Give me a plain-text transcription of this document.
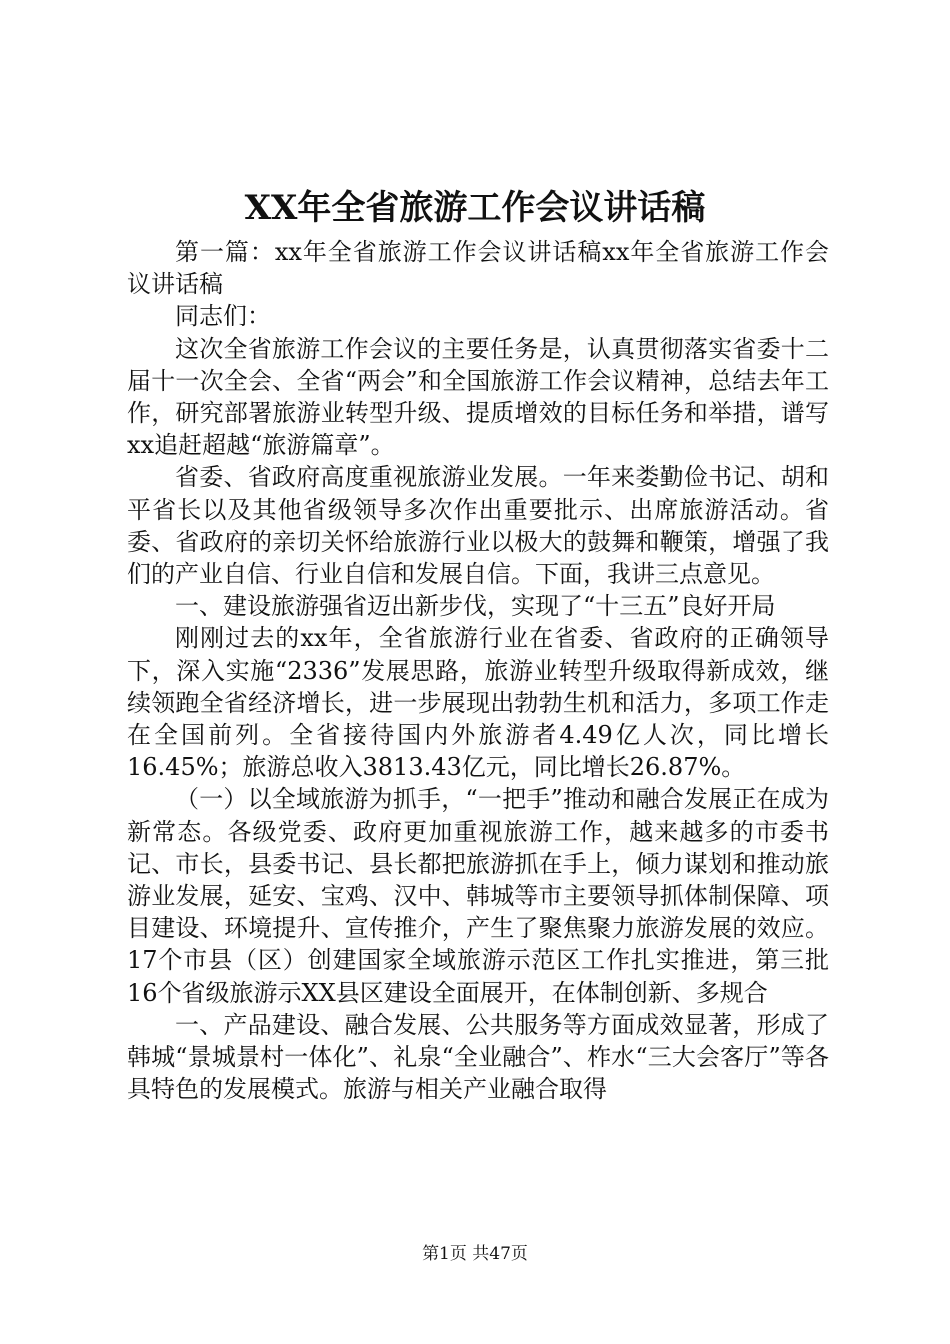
XX年全省旅游工作会议讲话稿

第一篇：xx年全省旅游工作会议讲话稿xx年全省旅游工作会议讲话稿

同志们：

这次全省旅游工作会议的主要任务是，认真贯彻落实省委十二届十一次全会、全省“两会”和全国旅游工作会议精神，总结去年工作，研究部署旅游业转型升级、提质增效的目标任务和举措，谱写xx追赶超越“旅游篇章”。

省委、省政府高度重视旅游业发展。一年来娄勤俭书记、胡和平省长以及其他省级领导多次作出重要批示、出席旅游活动。省委、省政府的亲切关怀给旅游行业以极大的鼓舞和鞭策，增强了我们的产业自信、行业自信和发展自信。下面，我讲三点意见。

一、建设旅游强省迈出新步伐，实现了“十三五”良好开局

刚刚过去的xx年，全省旅游行业在省委、省政府的正确领导下，深入实施“2336”发展思路，旅游业转型升级取得新成效，继续领跑全省经济增长，进一步展现出勃勃生机和活力，多项工作走在全国前列。全省接待国内外旅游者4.49亿人次，同比增长16.45%；旅游总收入3813.43亿元，同比增长26.87%。

（一）以全域旅游为抓手，“一把手”推动和融合发展正在成为新常态。各级党委、政府更加重视旅游工作，越来越多的市委书记、市长，县委书记、县长都把旅游抓在手上，倾力谋划和推动旅游业发展，延安、宝鸡、汉中、韩城等市主要领导抓体制保障、项目建设、环境提升、宣传推介，产生了聚焦聚力旅游发展的效应。17个市县（区）创建国家全域旅游示范区工作扎实推进，第三批16个省级旅游示XX县区建设全面展开，在体制创新、多规合

一、产品建设、融合发展、公共服务等方面成效显著，形成了韩城“景城景村一体化”、礼泉“全业融合”、柞水“三大会客厅”等各具特色的发展模式。旅游与相关产业融合取得

第1页 共47页
